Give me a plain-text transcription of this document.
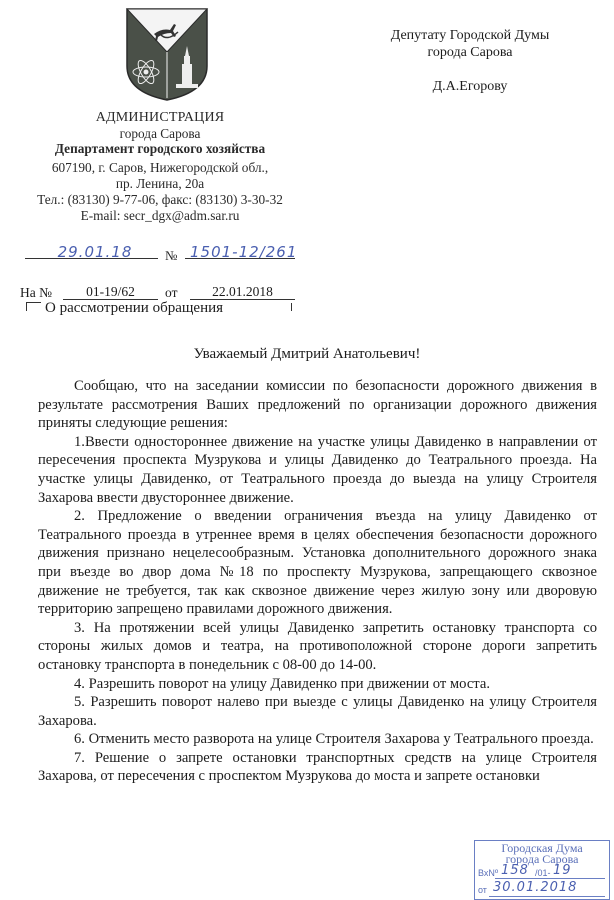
АДМИНИСТРАЦИЯ
города Сарова
Департамент городского хозяйства
607190, г. Саров, Нижегородской обл.,
пр. Ленина, 20а
Тел.: (83130) 9-77-06, факс: (83130) 3-30-32
E-mail: secr_dgx@adm.sar.ru
Депутату Городской Думы
города Сарова
Д.А.Егорову
29.01.18	№ 1501-12/261
На №	01-19/62	от	22.01.2018
О рассмотрении обращения
Уважаемый Дмитрий Анатольевич!

Сообщаю, что на заседании комиссии по безопасности дорожного движения в результате рассмотрения Ваших предложений по организации дорожного движения приняты следующие решения:

1.Ввести одностороннее движение на участке улицы Давиденко в направлении от пересечения проспекта Музрукова и улицы Давиденко до Театрального проезда. На участке улицы Давиденко, от Театрального проезда до выезда на улицу Строителя Захарова ввести двустороннее движение.

2. Предложение о введении ограничения въезда на улицу Давиденко от Театрального проезда в утреннее время в целях обеспечения безопасности дорожного движения признано нецелесообразным. Установка дополнительного дорожного знака при въезде во двор дома №18 по проспекту Музрукова, запрещающего сквозное движение не требуется, так как сквозное движение через жилую зону или дворовую территорию запрещено правилами дорожного движения.

3. На протяжении всей улицы Давиденко запретить остановку транспорта со стороны жилых домов и театра, на противоположной стороне дороги запретить остановку транспорта в понедельник с 08-00 до 14-00.

4. Разрешить поворот на улицу Давиденко при движении от моста.

5. Разрешить поворот налево при выезде с улицы Давиденко на улицу Строителя Захарова.

6. Отменить место разворота на улице Строителя Захарова у Театрального проезда.

7. Решение о запрете остановки транспортных средств на улице Строителя Захарова, от пересечения с проспектом Музрукова до моста и запрете остановки

Городская Дума
города Сарова
ВхNº 158 /01- 19
от 30.01.2018
